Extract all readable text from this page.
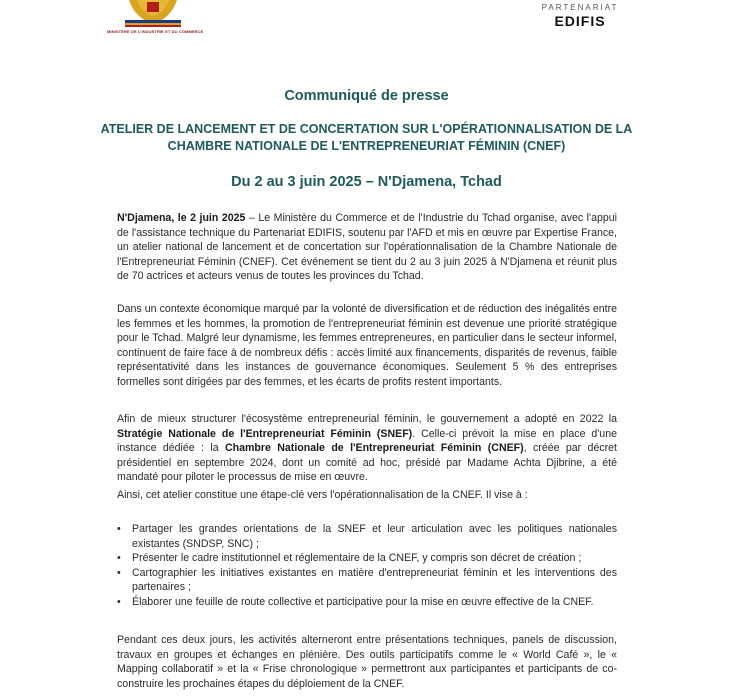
MINISTÈRE DE L'INDUSTRIE ET DU COMMERCE
PARTENARIAT
EDIFIS
Communiqué de presse
ATELIER DE LANCEMENT ET DE CONCERTATION SUR L'OPÉRATIONNALISATION DE LA
CHAMBRE NATIONALE DE L'ENTREPRENEURIAT FÉMININ (CNEF)
Du 2 au 3 juin 2025 – N'Djamena, Tchad
N'Djamena, le 2 juin 2025 – Le Ministère du Commerce et de l'Industrie du Tchad organise, avec l'appui de l'assistance technique du Partenariat EDIFIS, soutenu par l'AFD et mis en œuvre par Expertise France, un atelier national de lancement et de concertation sur l'opérationnalisation de la Chambre Nationale de l'Entrepreneuriat Féminin (CNEF). Cet événement se tient du 2 au 3 juin 2025 à N'Djamena et réunit plus de 70 actrices et acteurs venus de toutes les provinces du Tchad.
Dans un contexte économique marqué par la volonté de diversification et de réduction des inégalités entre les femmes et les hommes, la promotion de l'entrepreneuriat féminin est devenue une priorité stratégique pour le Tchad. Malgré leur dynamisme, les femmes entrepreneures, en particulier dans le secteur informel, continuent de faire face à de nombreux défis : accès limité aux financements, disparités de revenus, faible représentativité dans les instances de gouvernance économiques. Seulement 5 % des entreprises formelles sont dirigées par des femmes, et les écarts de profits restent importants.
Afin de mieux structurer l'écosystème entrepreneurial féminin, le gouvernement a adopté en 2022 la Stratégie Nationale de l'Entrepreneuriat Féminin (SNEF). Celle-ci prévoit la mise en place d'une instance dédiée : la Chambre Nationale de l'Entrepreneuriat Féminin (CNEF), créée par décret présidentiel en septembre 2024, dont un comité ad hoc, présidé par Madame Achta Djibrine, a été mandaté pour piloter le processus de mise en œuvre.
Ainsi, cet atelier constitue une étape-clé vers l'opérationnalisation de la CNEF. Il vise à :
• Partager les grandes orientations de la SNEF et leur articulation avec les politiques nationales existantes (SNDSP, SNC) ;
• Présenter le cadre institutionnel et réglementaire de la CNEF, y compris son décret de création ;
• Cartographier les initiatives existantes en matière d'entrepreneuriat féminin et les interventions des partenaires ;
• Élaborer une feuille de route collective et participative pour la mise en œuvre effective de la CNEF.
Pendant ces deux jours, les activités alterneront entre présentations techniques, panels de discussion, travaux en groupes et échanges en plénière. Des outils participatifs comme le « World Café », le « Mapping collaboratif » et la « Frise chronologique » permettront aux participantes et participants de co-construire les prochaines étapes du déploiement de la CNEF.
